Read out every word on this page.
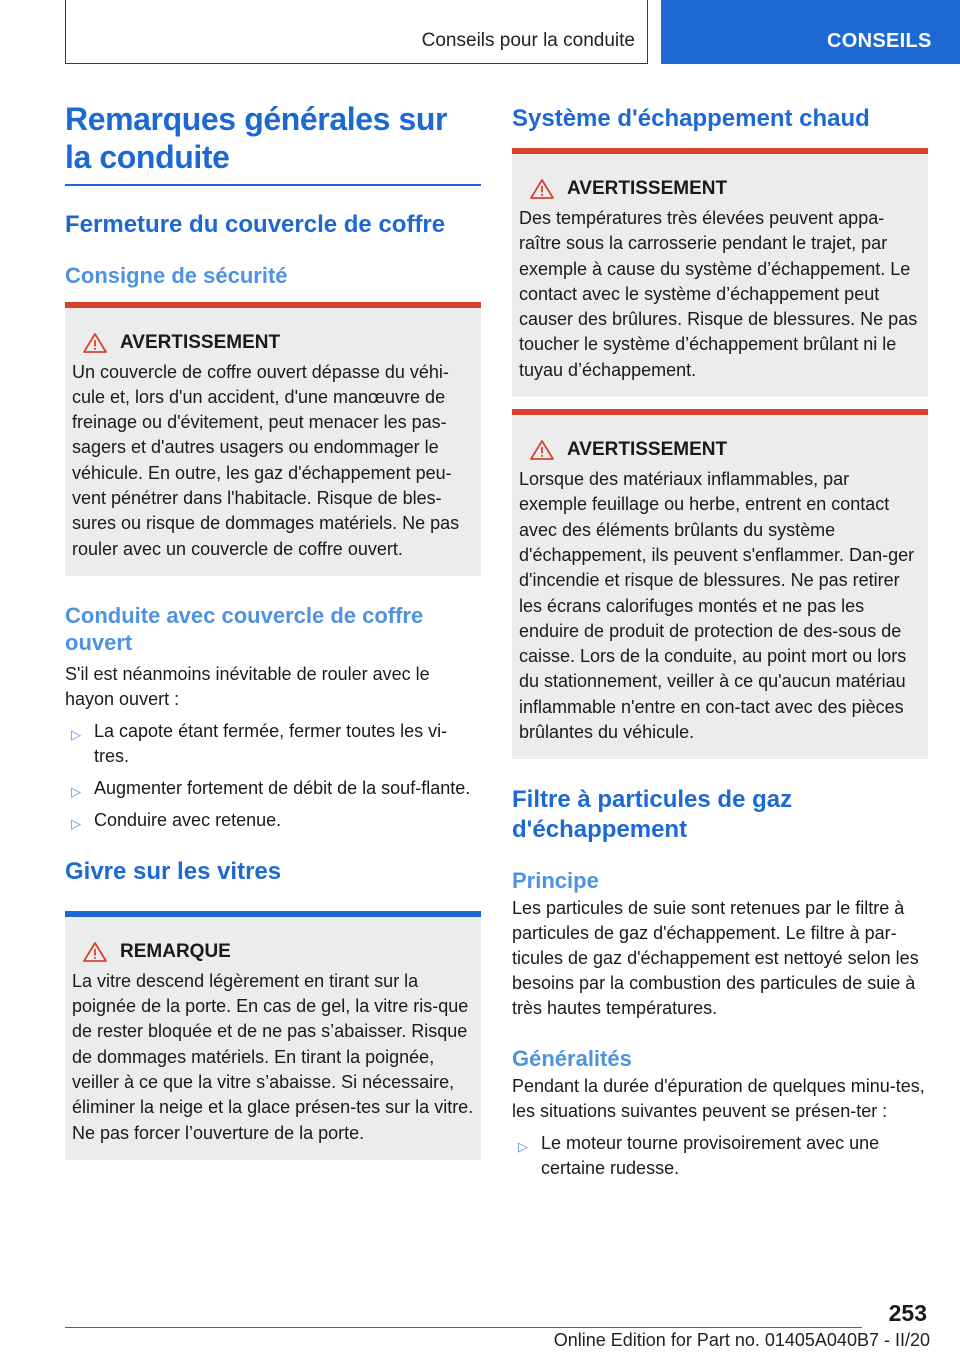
Conseils pour la conduite	CONSEILS
Remarques générales sur la conduite
Fermeture du couvercle de coffre
Consigne de sécurité
AVERTISSEMENT

Un couvercle de coffre ouvert dépasse du véhi-cule et, lors d'un accident, d'une manœuvre de freinage ou d'évitement, peut menacer les pas-sagers et d'autres usagers ou endommager le véhicule. En outre, les gaz d'échappement peu-vent pénétrer dans l'habitacle. Risque de bles-sures ou risque de dommages matériels. Ne pas rouler avec un couvercle de coffre ouvert.

Conduite avec couvercle de coffre ouvert

S'il est néanmoins inévitable de rouler avec le hayon ouvert :

▷ La capote étant fermée, fermer toutes les vi-tres.
▷ Augmenter fortement de débit de la souf-flante.
▷ Conduire avec retenue.
Givre sur les vitres
REMARQUE

La vitre descend légèrement en tirant sur la poignée de la porte. En cas de gel, la vitre ris-que de rester bloquée et de ne pas s’abaisser. Risque de dommages matériels. En tirant la poignée, veiller à ce que la vitre s’abaisse. Si nécessaire, éliminer la neige et la glace présen-tes sur la vitre. Ne pas forcer l’ouverture de la porte.

Système d'échappement chaud
AVERTISSEMENT

Des températures très élevées peuvent appa-raître sous la carrosserie pendant le trajet, par exemple à cause du système d’échappement. Le contact avec le système d’échappement peut causer des brûlures. Risque de blessures. Ne pas toucher le système d’échappement brûlant ni le tuyau d’échappement.

AVERTISSEMENT

Lorsque des matériaux inflammables, par exemple feuillage ou herbe, entrent en contact avec des éléments brûlants du système d'échappement, ils peuvent s'enflammer. Dan-ger d'incendie et risque de blessures. Ne pas retirer les écrans calorifuges montés et ne pas les enduire de produit de protection de des-sous de caisse. Lors de la conduite, au point mort ou lors du stationnement, veiller à ce qu'aucun matériau inflammable n'entre en con-tact avec des pièces brûlantes du véhicule.

Filtre à particules de gaz d'échappement
Principe

Les particules de suie sont retenues par le filtre à particules de gaz d'échappement. Le filtre à par-ticules de gaz d'échappement est nettoyé selon les besoins par la combustion des particules de suie à très hautes températures.

Généralités

Pendant la durée d'épuration de quelques minu-tes, les situations suivantes peuvent se présen-ter :

▷ Le moteur tourne provisoirement avec une certaine rudesse.
253
Online Edition for Part no. 01405A040B7 - II/20
